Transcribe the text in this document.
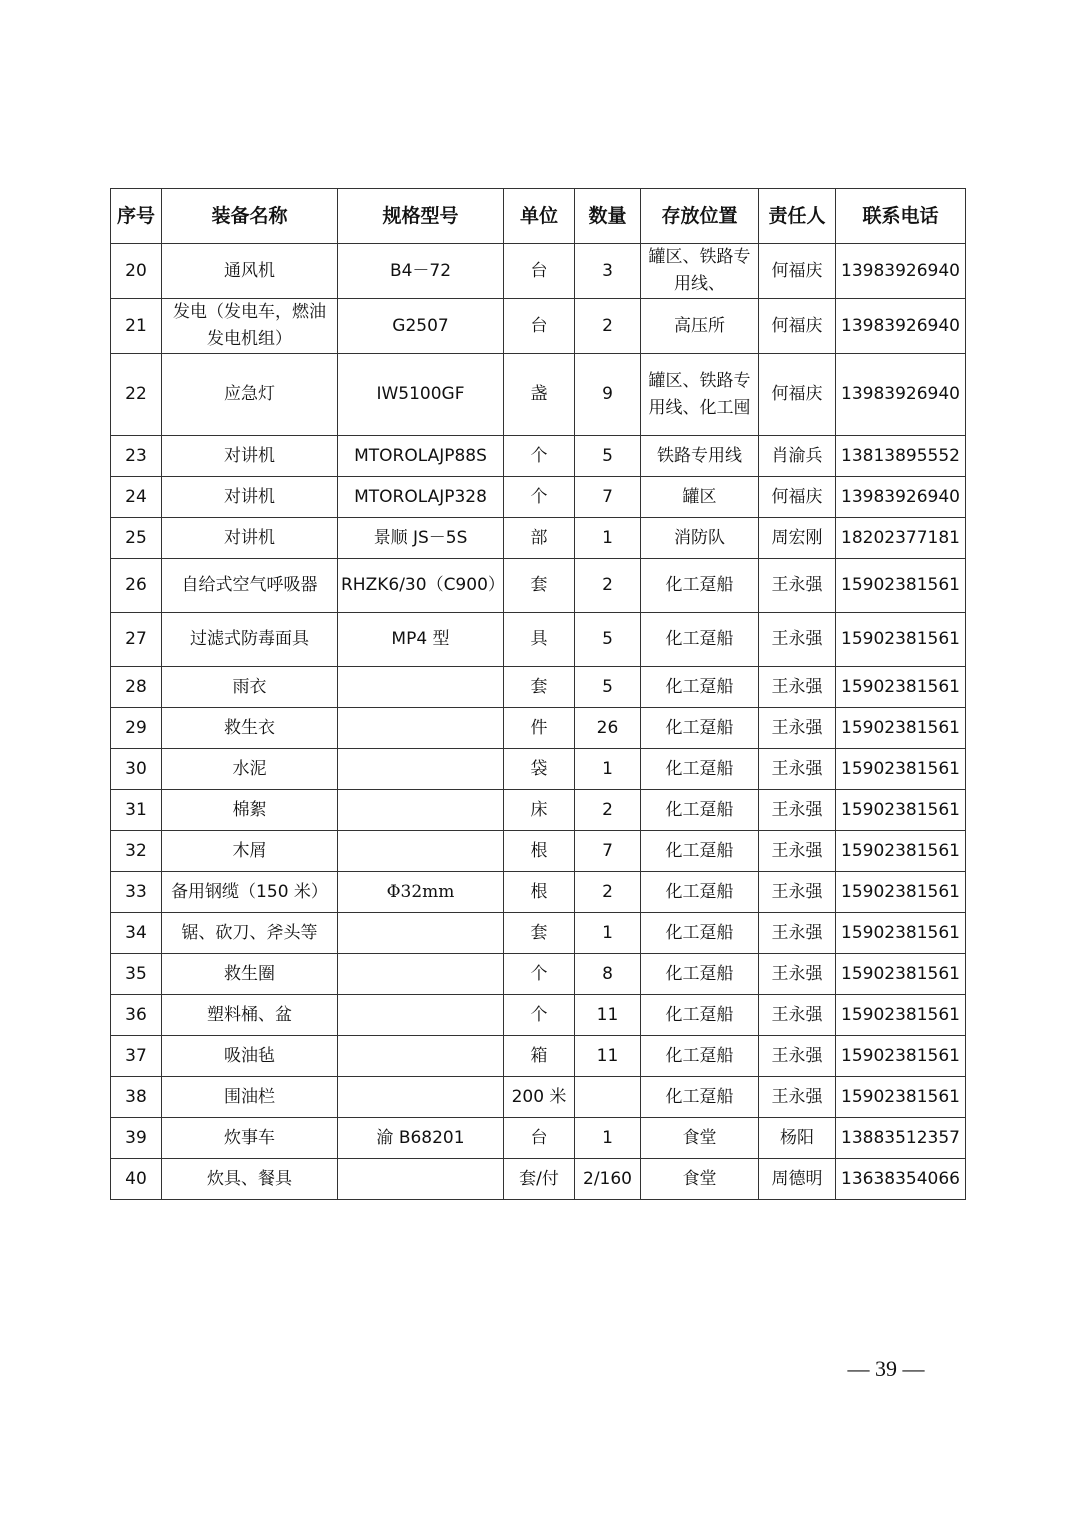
序号	装备名称	规格型号	单位	数量	存放位置	责任人	联系电话
20	通风机	B4－72	台	3	罐区、铁路专用线、	何福庆	13983926940
21	发电（发电车，燃油发电机组）	G2507	台	2	高压所	何福庆	13983926940
22	应急灯	IW5100GF	盏	9	罐区、铁路专用线、化工囤	何福庆	13983926940
23	对讲机	MTOROLAJP88S	个	5	铁路专用线	肖渝兵	13813895552
24	对讲机	MTOROLAJP328	个	7	罐区	何福庆	13983926940
25	对讲机	景顺 JS－5S	部	1	消防队	周宏刚	18202377181
26	自给式空气呼吸器	RHZK6/30（C900）	套	2	化工趸船	王永强	15902381561
27	过滤式防毒面具	MP4 型	具	5	化工趸船	王永强	15902381561
28	雨衣		套	5	化工趸船	王永强	15902381561
29	救生衣		件	26	化工趸船	王永强	15902381561
30	水泥		袋	1	化工趸船	王永强	15902381561
31	棉絮		床	2	化工趸船	王永强	15902381561
32	木屑		根	7	化工趸船	王永强	15902381561
33	备用钢缆（150 米）	Φ32mm	根	2	化工趸船	王永强	15902381561
34	锯、砍刀、斧头等		套	1	化工趸船	王永强	15902381561
35	救生圈		个	8	化工趸船	王永强	15902381561
36	塑料桶、盆		个	11	化工趸船	王永强	15902381561
37	吸油毡		箱	11	化工趸船	王永强	15902381561
38	围油栏		200 米		化工趸船	王永强	15902381561
39	炊事车	渝 B68201	台	1	食堂	杨阳	13883512357
40	炊具、餐具		套/付	2/160	食堂	周德明	13638354066
— 39 —
